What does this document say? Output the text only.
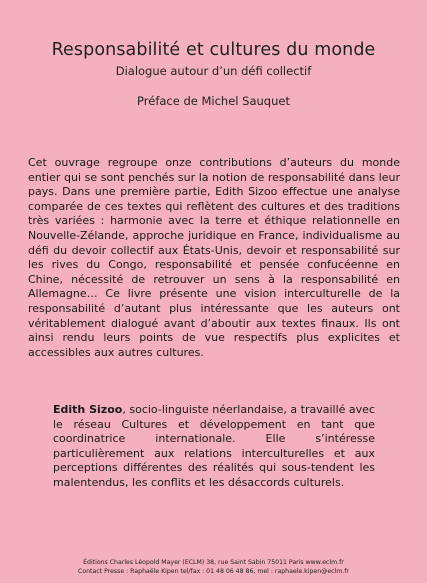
Responsabilité et cultures du monde
Dialogue autour d’un défi collectif
Préface de Michel Sauquet

Cet ouvrage regroupe onze contributions d’auteurs du monde entier qui se sont penchés sur la notion de responsabilité dans leur pays. Dans une première partie, Edith Sizoo effectue une analyse comparée de ces textes qui reflètent des cultures et des traditions très variées : harmonie avec la terre et éthique relationnelle en Nouvelle-Zélande, approche juridique en France, individualisme au défi du devoir collectif aux États-Unis, devoir et responsabilité sur les rives du Congo, responsabilité et pensée confucéenne en Chine, nécessité de retrouver un sens à la responsabilité en Allemagne… Ce livre présente une vision interculturelle de la responsabilité d’autant plus intéressante que les auteurs ont véritablement dialogué avant d’aboutir aux textes finaux. Ils ont ainsi rendu leurs points de vue respectifs plus explicites et accessibles aux autres cultures.

Edith Sizoo, socio-linguiste néerlandaise, a travaillé avec le réseau Cultures et développement en tant que coordinatrice internationale. Elle s’intéresse particulièrement aux relations interculturelles et aux perceptions différentes des réalités qui sous-tendent les malentendus, les conflits et les désaccords culturels.

Éditions Charles Léopold Mayer (ECLM) 38, rue Saint Sabin 75011 Paris www.eclm.fr
Contact Presse : Raphaële Kipen tel/fax : 01 48 06 48 86, mel : raphaele.kipen@eclm.fr
